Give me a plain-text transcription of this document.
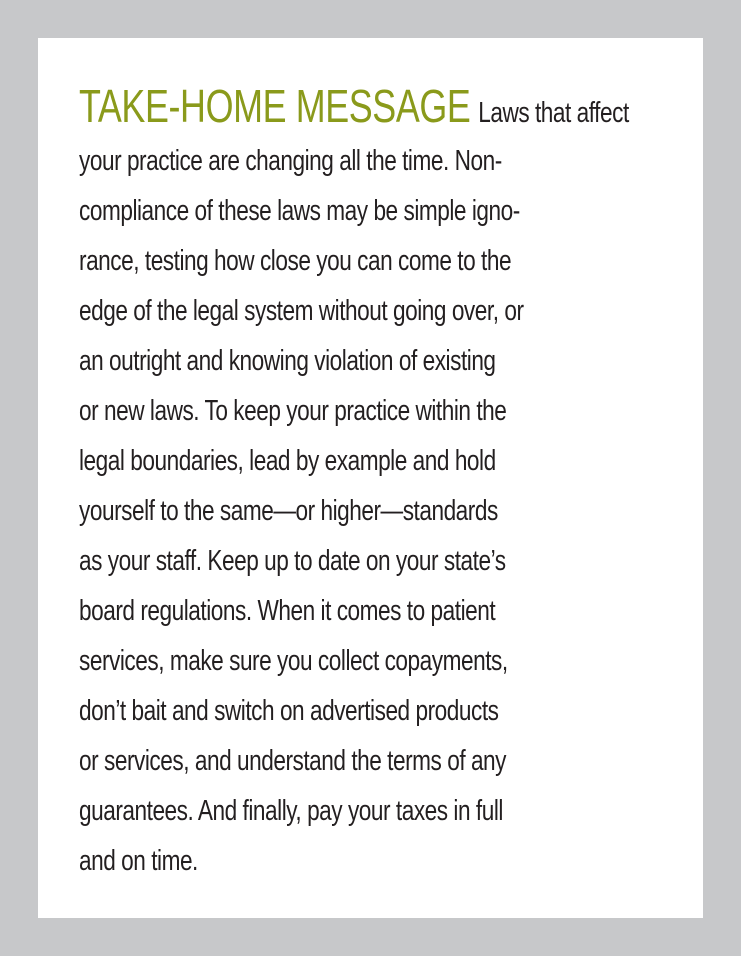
TAKE-HOME MESSAGE Laws that affect
your practice are changing all the time. Non-
compliance of these laws may be simple igno-
rance, testing how close you can come to the
edge of the legal system without going over, or
an outright and knowing violation of existing
or new laws. To keep your practice within the
legal boundaries, lead by example and hold
yourself to the same—or higher—standards
as your staff. Keep up to date on your state’s
board regulations. When it comes to patient
services, make sure you collect copayments,
don’t bait and switch on advertised products
or services, and understand the terms of any
guarantees. And finally, pay your taxes in full
and on time.
